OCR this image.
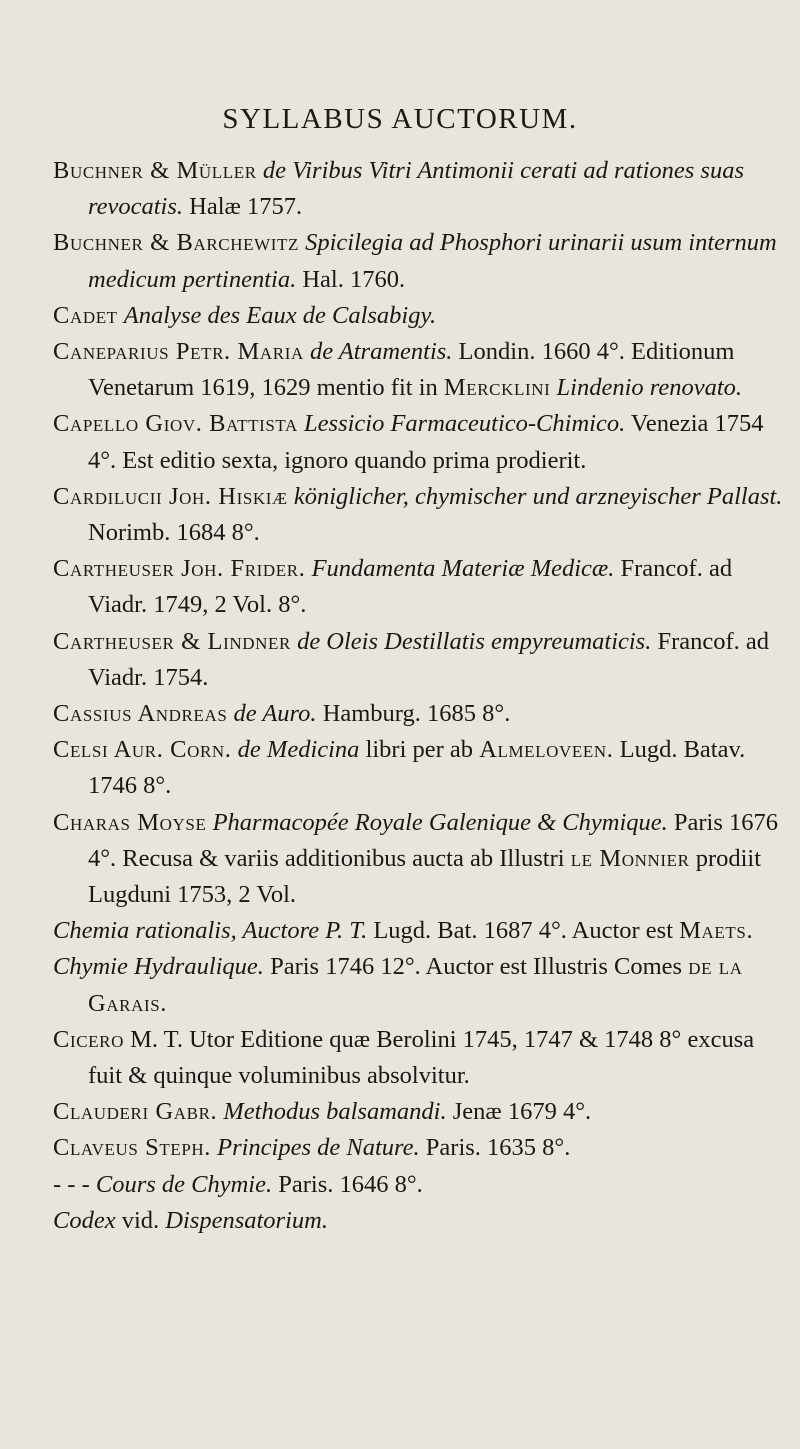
SYLLABUS AUCTORUM.

Buchner & Müller de Viribus Vitri Antimonii cerati ad rationes suas revocatis. Halæ 1757.

Buchner & Barchewitz Spicilegia ad Phosphori urinarii usum internum medicum pertinentia. Hal. 1760.

Cadet Analyse des Eaux de Calsabigy.

Caneparius Petr. Maria de Atramentis. Londin. 1660 4°. Editionum Venetarum 1619, 1629 mentio fit in Mercklini Lindenio renovato.

Capello Giov. Battista Lessicio Farmaceutico-Chimico. Venezia 1754 4°. Est editio sexta, ignoro quando prima prodierit.

Cardilucii Joh. Hiskiæ königlicher, chymischer und arzneyischer Pallast. Norimb. 1684 8°.

Cartheuser Joh. Frider. Fundamenta Materiæ Medicæ. Francof. ad Viadr. 1749, 2 Vol. 8°.

Cartheuser & Lindner de Oleis Destillatis empyreumaticis. Francof. ad Viadr. 1754.

Cassius Andreas de Auro. Hamburg. 1685 8°.

Celsi Aur. Corn. de Medicina libri per ab Almeloveen. Lugd. Batav. 1746 8°.

Charas Moyse Pharmacopée Royale Galenique & Chymique. Paris 1676 4°. Recusa & variis additionibus aucta ab Illustri le Monnier prodiit Lugduni 1753, 2 Vol.

Chemia rationalis, Auctore P. T. Lugd. Bat. 1687 4°. Auctor est Maets.

Chymie Hydraulique. Paris 1746 12°. Auctor est Illustris Comes de la Garais.

Cicero M. T. Utor Editione quæ Berolini 1745, 1747 & 1748 8° excusa fuit & quinque voluminibus absolvitur.

Clauderi Gabr. Methodus balsamandi. Jenæ 1679 4°.

Claveus Steph. Principes de Nature. Paris. 1635 8°.

- - - Cours de Chymie. Paris. 1646 8°.

Codex vid. Dispensatorium.
